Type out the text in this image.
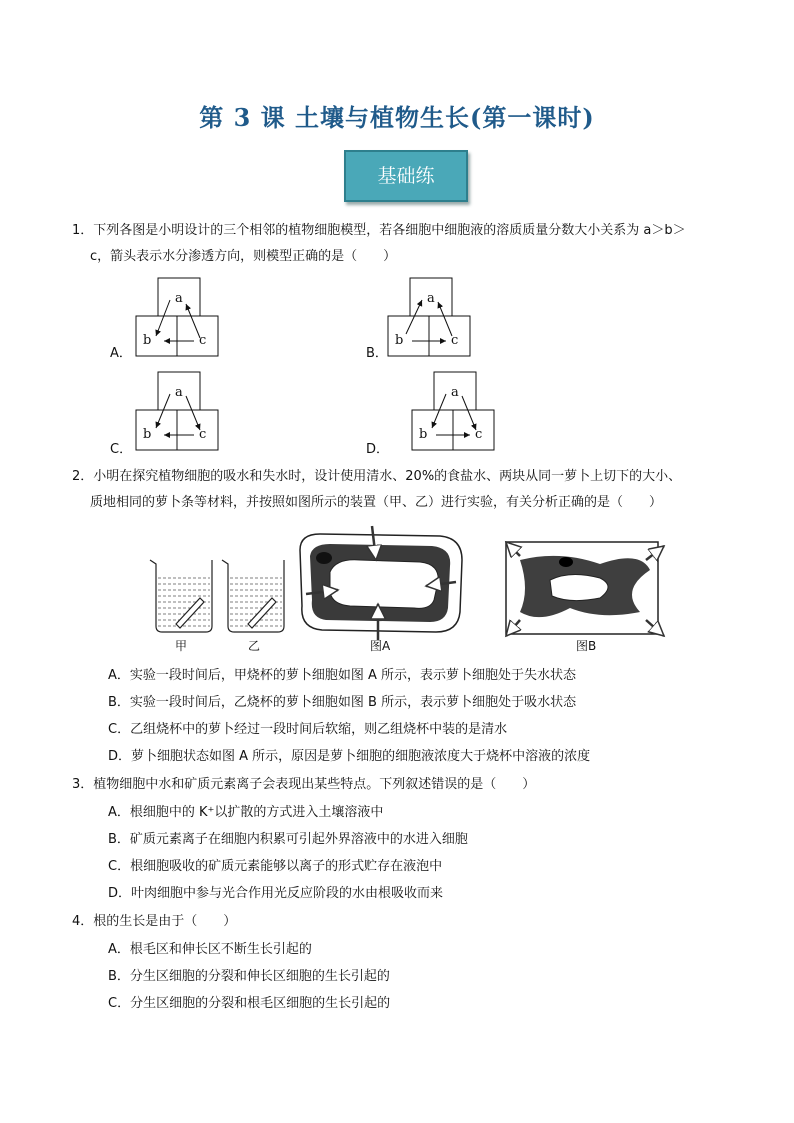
第 3 课 土壤与植物生长(第一课时)
基础练
1．下列各图是小明设计的三个相邻的植物细胞模型，若各细胞中细胞液的溶质质量分数大小关系为 a＞b＞
c，箭头表示水分渗透方向，则模型正确的是（　　）
a
b	c
a
b	c
a
b	c
a
b	c
A．	B．
C．	D．
2．小明在探究植物细胞的吸水和失水时，设计使用清水、20%的食盐水、两块从同一萝卜上切下的大小、
质地相同的萝卜条等材料，并按照如图所示的装置（甲、乙）进行实验，有关分析正确的是（　　）
甲	乙	图A	图B
A．实验一段时间后，甲烧杯的萝卜细胞如图 A 所示，表示萝卜细胞处于失水状态
B．实验一段时间后，乙烧杯的萝卜细胞如图 B 所示，表示萝卜细胞处于吸水状态
C．乙组烧杯中的萝卜经过一段时间后软缩，则乙组烧杯中装的是清水
D．萝卜细胞状态如图 A 所示，原因是萝卜细胞的细胞液浓度大于烧杯中溶液的浓度
3．植物细胞中水和矿质元素离子会表现出某些特点。下列叙述错误的是（　　）
A．根细胞中的 K⁺以扩散的方式进入土壤溶液中
B．矿质元素离子在细胞内积累可引起外界溶液中的水进入细胞
C．根细胞吸收的矿质元素能够以离子的形式贮存在液泡中
D．叶肉细胞中参与光合作用光反应阶段的水由根吸收而来
4．根的生长是由于（　　）
A．根毛区和伸长区不断生长引起的
B．分生区细胞的分裂和伸长区细胞的生长引起的
C．分生区细胞的分裂和根毛区细胞的生长引起的
